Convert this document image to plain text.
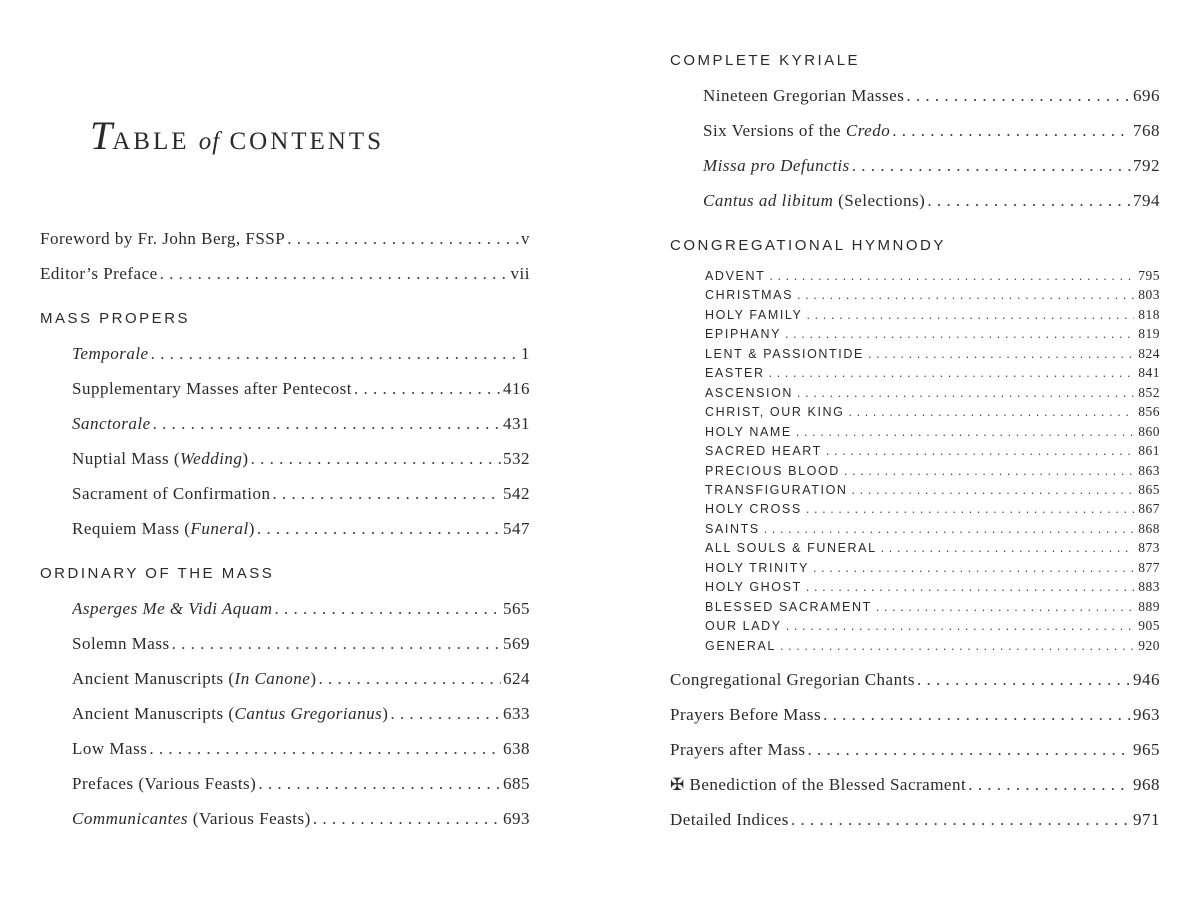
TABLE of CONTENTS
Foreword by Fr. John Berg, FSSP . . .	v
Editor’s Preface . . .	vii
MASS PROPERS
Temporale . . .	1
Supplementary Masses after Pentecost . . .	416
Sanctorale . . .	431
Nuptial Mass (Wedding) . . .	532
Sacrament of Confirmation . . .	542
Requiem Mass (Funeral) . . .	547
ORDINARY OF THE MASS
Asperges Me & Vidi Aquam . . .	565
Solemn Mass . . .	569
Ancient Manuscripts (In Canone) . . .	624
Ancient Manuscripts (Cantus Gregorianus) . . .	633
Low Mass . . .	638
Prefaces (Various Feasts) . . .	685
Communicantes (Various Feasts) . . .	693
COMPLETE KYRIALE
Nineteen Gregorian Masses . . .	696
Six Versions of the Credo . . .	768
Missa pro Defunctis . . .	792
Cantus ad libitum (Selections) . . .	794
CONGREGATIONAL HYMNODY
ADVENT . . .	795
CHRISTMAS . . .	803
HOLY FAMILY . . .	818
EPIPHANY . . .	819
LENT & PASSIONTIDE . . .	824
EASTER . . .	841
ASCENSION . . .	852
CHRIST, OUR KING . . .	856
HOLY NAME . . .	860
SACRED HEART . . .	861
PRECIOUS BLOOD . . .	863
TRANSFIGURATION . . .	865
HOLY CROSS . . .	867
SAINTS . . .	868
ALL SOULS & FUNERAL . . .	873
HOLY TRINITY . . .	877
HOLY GHOST . . .	883
BLESSED SACRAMENT . . .	889
OUR LADY . . .	905
GENERAL . . .	920
Congregational Gregorian Chants . . .	946
Prayers Before Mass . . .	963
Prayers after Mass . . .	965
✠ Benediction of the Blessed Sacrament . . .	968
Detailed Indices . . .	971
